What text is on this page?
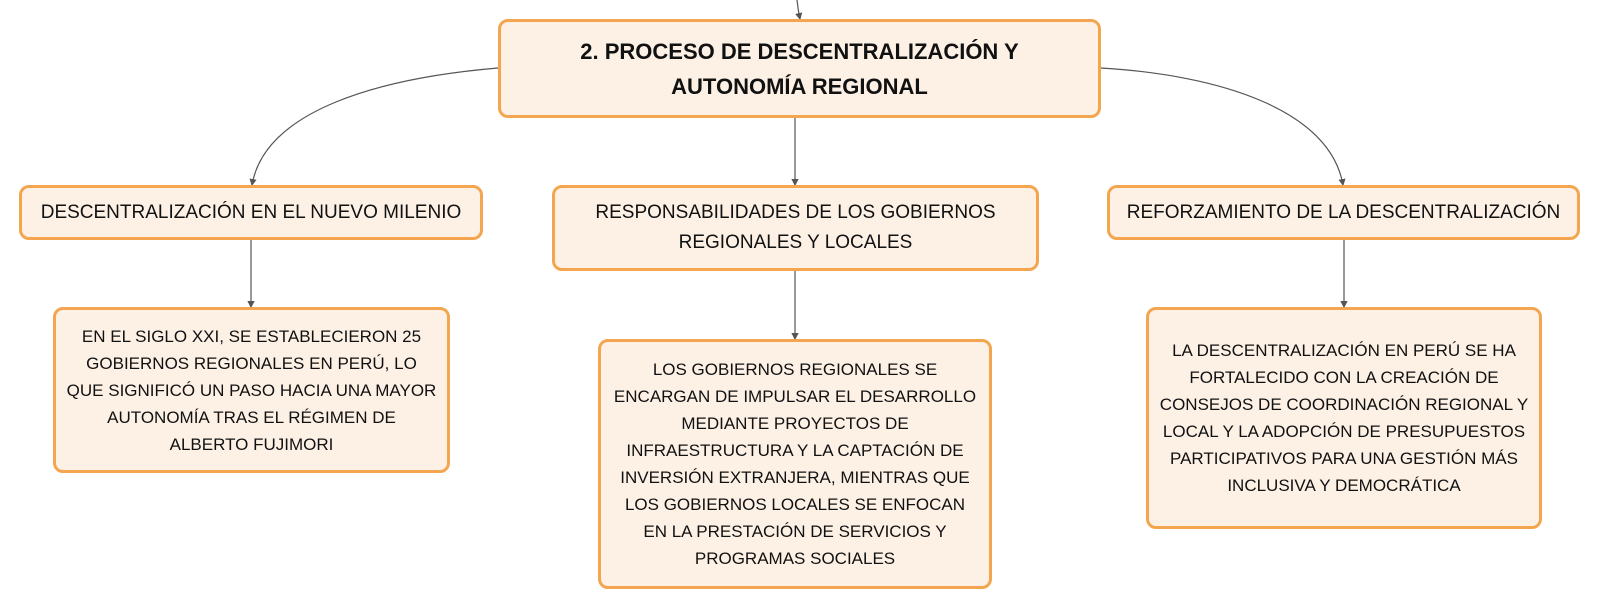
2. PROCESO DE DESCENTRALIZACIÓN Y
AUTONOMÍA REGIONAL
DESCENTRALIZACIÓN EN EL NUEVO MILENIO	RESPONSABILIDADES DE LOS GOBIERNOS REGIONALES Y LOCALES
REFORZAMIENTO DE LA DESCENTRALIZACIÓN
EN EL SIGLO XXI, SE ESTABLECIERON 25 GOBIERNOS REGIONALES EN PERÚ, LO QUE SIGNIFICÓ UN PASO HACIA UNA MAYOR AUTONOMÍA TRAS EL RÉGIMEN DE ALBERTO FUJIMORI
LOS GOBIERNOS REGIONALES SE ENCARGAN DE IMPULSAR EL DESARROLLO MEDIANTE PROYECTOS DE INFRAESTRUCTURA Y LA CAPTACIÓN DE INVERSIÓN EXTRANJERA, MIENTRAS QUE LOS GOBIERNOS LOCALES SE ENFOCAN EN LA PRESTACIÓN DE SERVICIOS Y PROGRAMAS SOCIALES
LA DESCENTRALIZACIÓN EN PERÚ SE HA FORTALECIDO CON LA CREACIÓN DE CONSEJOS DE COORDINACIÓN REGIONAL Y LOCAL Y LA ADOPCIÓN DE PRESUPUESTOS PARTICIPATIVOS PARA UNA GESTIÓN MÁS INCLUSIVA Y DEMOCRÁTICA
